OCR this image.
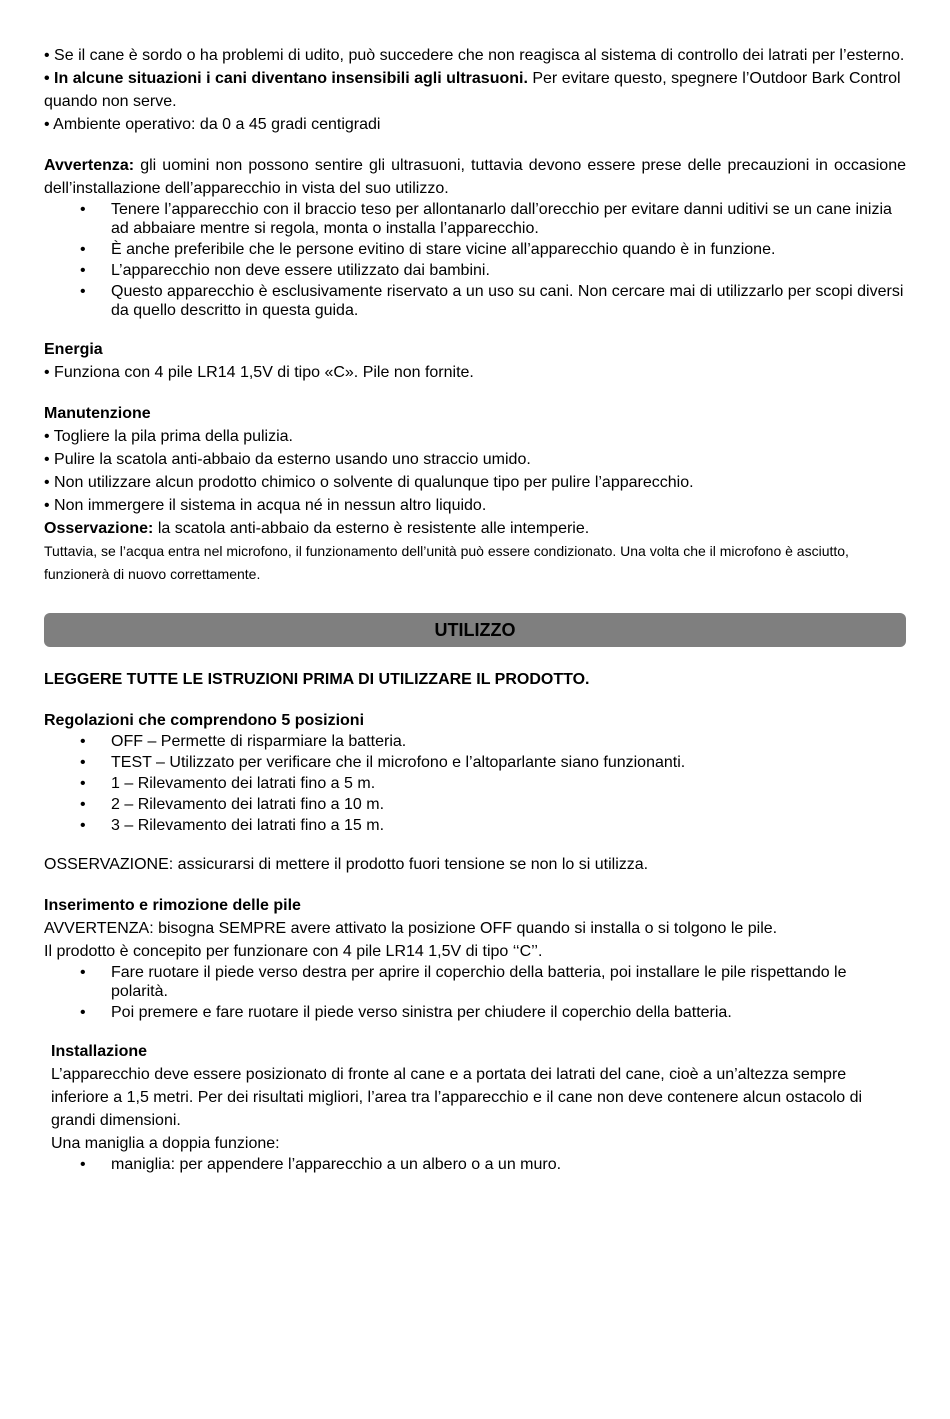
• Se il cane è sordo o ha problemi di udito, può succedere che non reagisca al sistema di controllo dei latrati per l’esterno.

• In alcune situazioni i cani diventano insensibili agli ultrasuoni. Per evitare questo, spegnere l’Outdoor Bark Control quando non serve.

• Ambiente operativo: da 0 a 45 gradi centigradi

Avvertenza: gli uomini non possono sentire gli ultrasuoni, tuttavia devono essere prese delle precauzioni in occasione dell’installazione dell’apparecchio in vista del suo utilizzo.

• Tenere l’apparecchio con il braccio teso per allontanarlo dall’orecchio per evitare danni uditivi se un cane inizia ad abbaiare mentre si regola, monta o installa l’apparecchio.
• È anche preferibile che le persone evitino di stare vicine all’apparecchio quando è in funzione.
• L’apparecchio non deve essere utilizzato dai bambini.
• Questo apparecchio è esclusivamente riservato a un uso su cani. Non cercare mai di utilizzarlo per scopi diversi da quello descritto in questa guida.

Energia

• Funziona con 4 pile LR14 1,5V di tipo «C». Pile non fornite.

Manutenzione

• Togliere la pila prima della pulizia.

• Pulire la scatola anti-abbaio da esterno usando uno straccio umido.

• Non utilizzare alcun prodotto chimico o solvente di qualunque tipo per pulire l’apparecchio.

• Non immergere il sistema in acqua né in nessun altro liquido.

Osservazione: la scatola anti-abbaio da esterno è resistente alle intemperie.

Tuttavia, se l’acqua entra nel microfono, il funzionamento dell’unità può essere condizionato. Una volta che il microfono è asciutto, funzionerà di nuovo correttamente.

UTILIZZO

LEGGERE TUTTE LE ISTRUZIONI PRIMA DI UTILIZZARE IL PRODOTTO.

Regolazioni che comprendono 5 posizioni

• OFF – Permette di risparmiare la batteria.
• TEST – Utilizzato per verificare che il microfono e l’altoparlante siano funzionanti.
• 1 – Rilevamento dei latrati fino a 5 m.
• 2 – Rilevamento dei latrati fino a 10 m.
• 3 – Rilevamento dei latrati fino a 15 m.

OSSERVAZIONE: assicurarsi di mettere il prodotto fuori tensione se non lo si utilizza.

Inserimento e rimozione delle pile

AVVERTENZA: bisogna SEMPRE avere attivato la posizione OFF quando si installa o si tolgono le pile.

Il prodotto è concepito per funzionare con 4 pile LR14 1,5V di tipo ‘‘C’’.

• Fare ruotare il piede verso destra per aprire il coperchio della batteria, poi installare le pile rispettando le polarità.
• Poi premere e fare ruotare il piede verso sinistra per chiudere il coperchio della batteria.

Installazione

L’apparecchio deve essere posizionato di fronte al cane e a portata dei latrati del cane, cioè a un’altezza sempre inferiore a 1,5 metri. Per dei risultati migliori, l’area tra l’apparecchio e il cane non deve contenere alcun ostacolo di grandi dimensioni.

Una maniglia a doppia funzione:

• maniglia: per appendere l’apparecchio a un albero o a un muro.
